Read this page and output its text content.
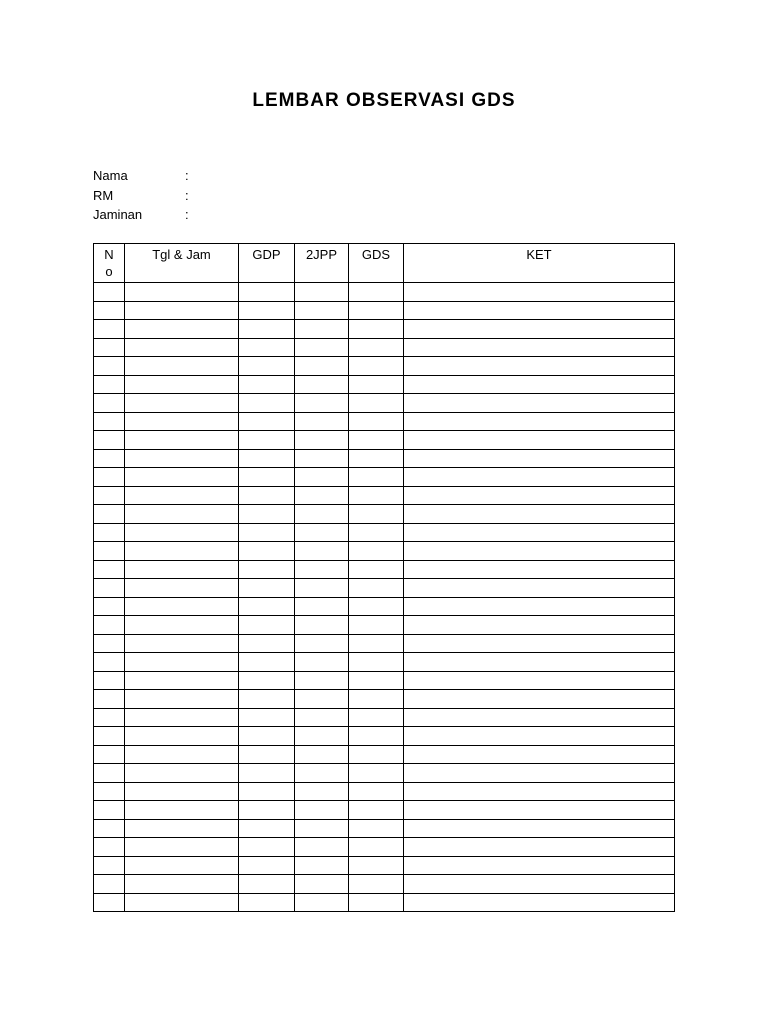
LEMBAR OBSERVASI GDS
Nama	:
RM	:
Jaminan	:
No	Tgl & Jam	GDP	2JPP	GDS	KET
